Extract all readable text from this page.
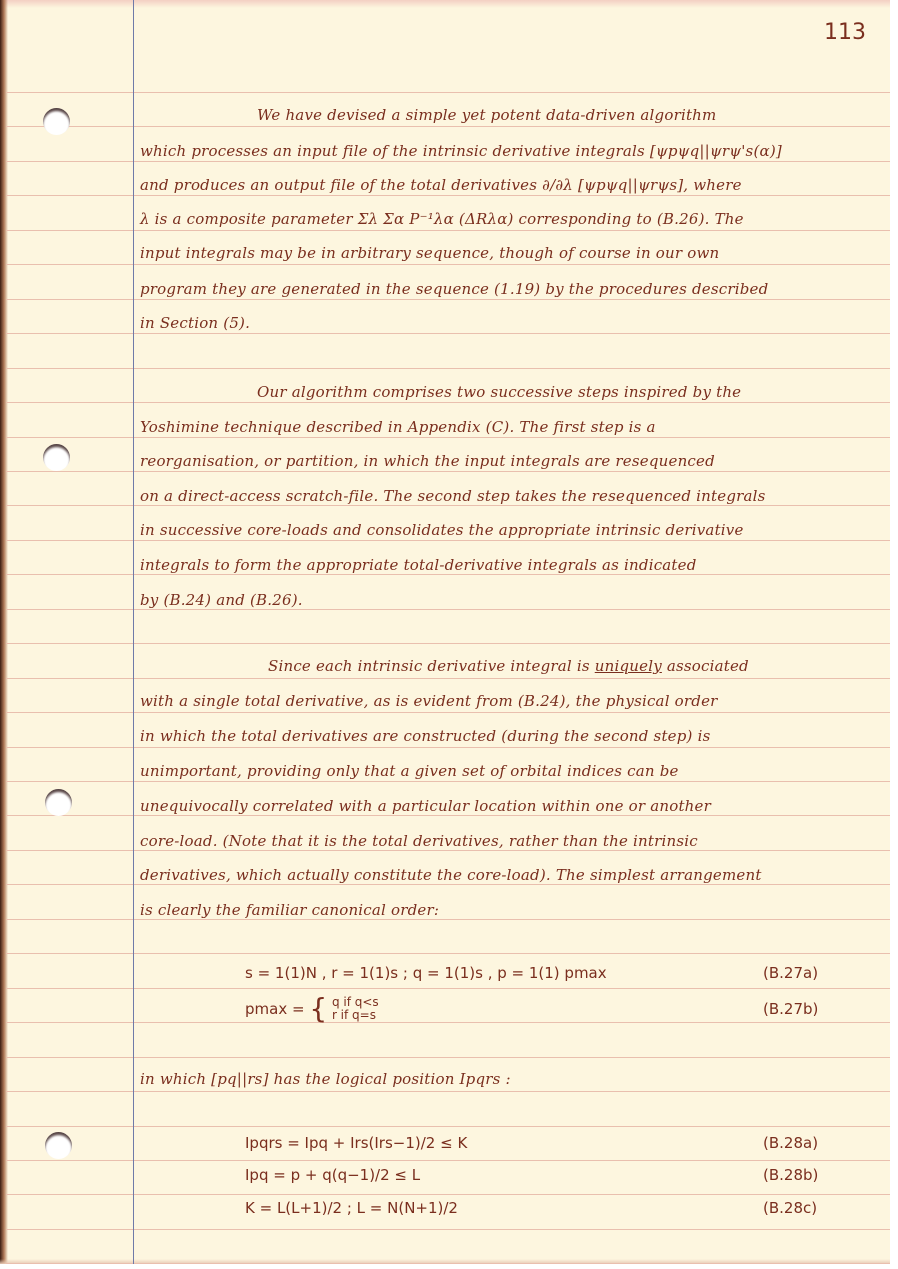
113
We have devised a simple yet potent data-driven algorithm
which processes an input file of the intrinsic derivative integrals [ψpψq||ψrψ's(α)]
and produces an output file of the total derivatives ∂/∂λ [ψpψq||ψrψs], where
λ is a composite parameter Σλ Σα P⁻¹λα (ΔRλα) corresponding to (B.26). The
input integrals may be in arbitrary sequence, though of course in our own
program they are generated in the sequence (1.19) by the procedures described
in Section (5).
Our algorithm comprises two successive steps inspired by the
Yoshimine technique described in Appendix (C). The first step is a
reorganisation, or partition, in which the input integrals are resequenced
on a direct-access scratch-file. The second step takes the resequenced integrals
in successive core-loads and consolidates the appropriate intrinsic derivative
integrals to form the appropriate total-derivative integrals as indicated
by (B.24) and (B.26).
Since each intrinsic derivative integral is uniquely associated
with a single total derivative, as is evident from (B.24), the physical order
in which the total derivatives are constructed (during the second step) is
unimportant, providing only that a given set of orbital indices can be
unequivocally correlated with a particular location within one or another
core-load. (Note that it is the total derivatives, rather than the intrinsic
derivatives, which actually constitute the core-load). The simplest arrangement
is clearly the familiar canonical order:
s = 1(1)N , r = 1(1)s ; q = 1(1)s , p = 1(1) pmax	(B.27a)
pmax = { q if q<s
r if q=s	(B.27b)
in which [pq||rs] has the logical position Ipqrs :
Ipqrs = Ipq + Irs(Irs−1)/2 ≤ K	(B.28a)
Ipq = p + q(q−1)/2 ≤ L	(B.28b)
K = L(L+1)/2 ; L = N(N+1)/2	(B.28c)
